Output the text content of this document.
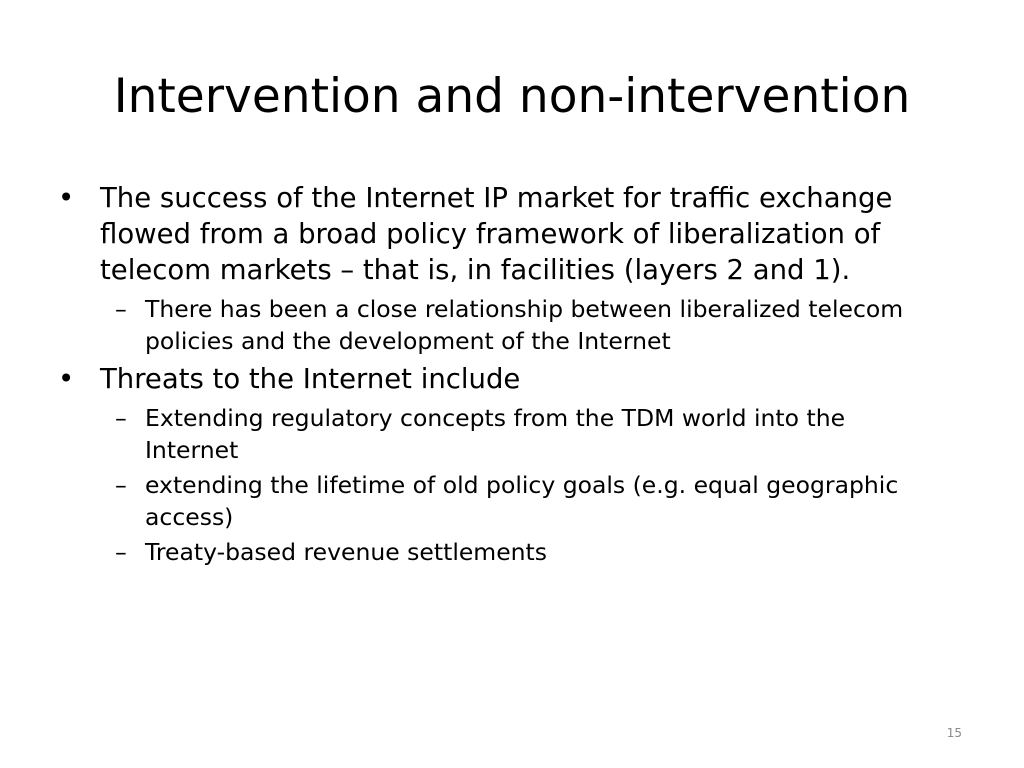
Intervention and non-intervention
• The success of the Internet IP market for traffic exchange flowed from a broad policy framework of liberalization of telecom markets – that is, in facilities (layers 2 and 1).
– There has been a close relationship between liberalized telecom policies and the development of the Internet
• Threats to the Internet include
– Extending regulatory concepts from the TDM world into the Internet
– extending the lifetime of old policy goals (e.g. equal geographic access)
– Treaty-based revenue settlements
15
